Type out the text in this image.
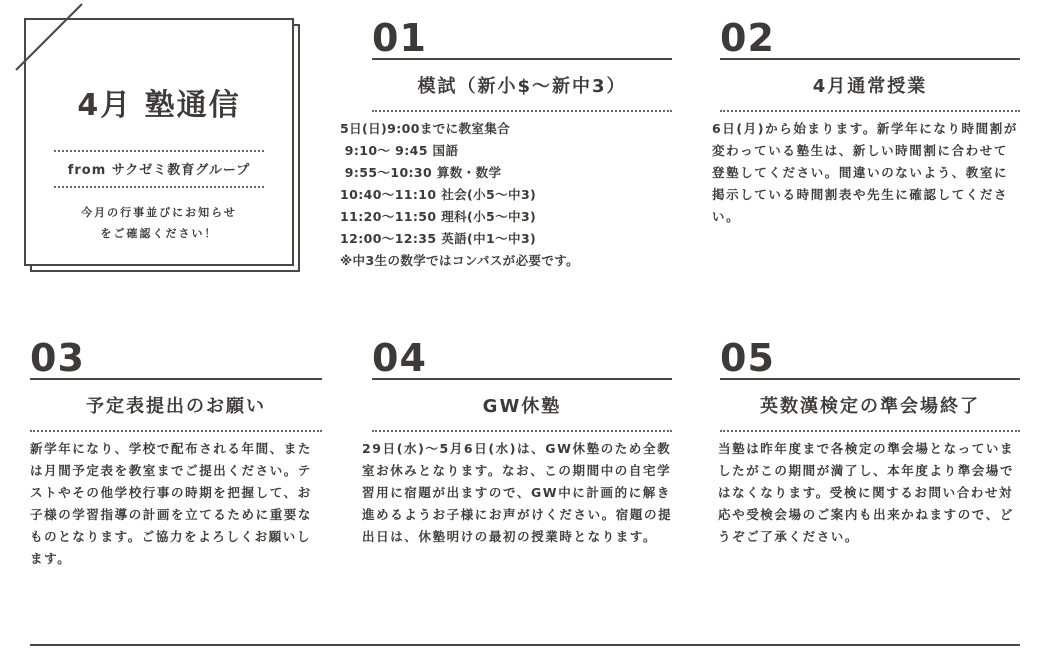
4月 塾通信
from サクゼミ教育グループ
今月の行事並びにお知らせ
をご確認ください！
01
模試（新小$～新中3）
5日(日)9:00までに教室集合
9:10～ 9:45 国語
9:55～10:30 算数・数学
10:40～11:10 社会(小5～中3)
11:20～11:50 理科(小5～中3)
12:00～12:35 英語(中1～中3)
※中3生の数学ではコンパスが必要です。
02
4月通常授業
6日(月)から始まります。新学年になり時間割が変わっている塾生は、新しい時間割に合わせて登塾してください。間違いのないよう、教室に掲示している時間割表や先生に確認してください。
03
予定表提出のお願い
新学年になり、学校で配布される年間、または月間予定表を教室までご提出ください。テストやその他学校行事の時期を把握して、お子様の学習指導の計画を立てるために重要なものとなります。ご協力をよろしくお願いします。
04
GW休塾
29日(水)～5月6日(水)は、GW休塾のため全教室お休みとなります。なお、この期間中の自宅学習用に宿題が出ますので、GW中に計画的に解き進めるようお子様にお声がけください。宿題の提出日は、休塾明けの最初の授業時となります。
05
英数漢検定の準会場終了
当塾は昨年度まで各検定の準会場となっていましたがこの期間が満了し、本年度より準会場ではなくなります。受検に関するお問い合わせ対応や受検会場のご案内も出来かねますので、どうぞご了承ください。
